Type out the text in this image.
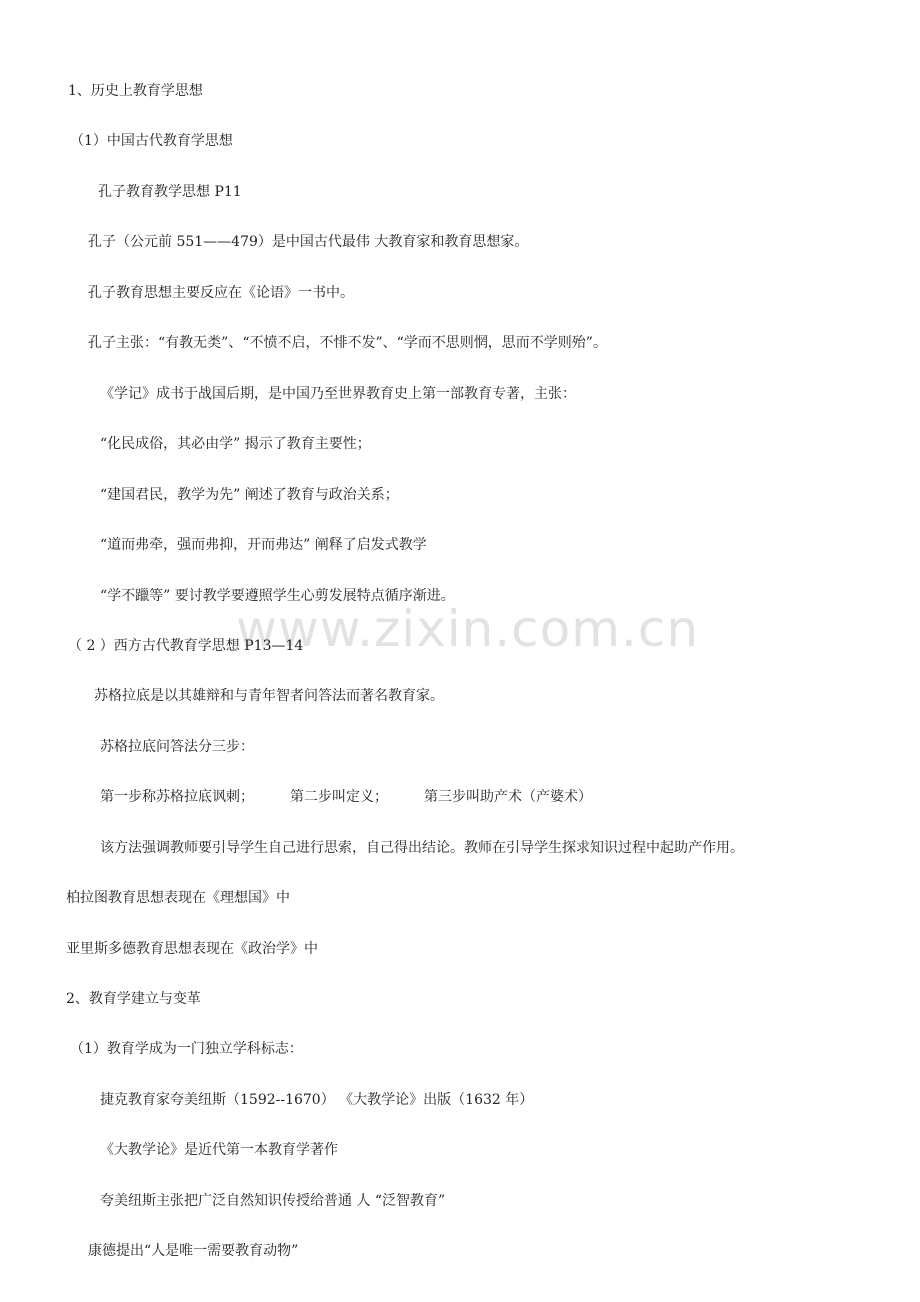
www.zixin.com.cn
1、历史上教育学思想
（1）中国古代教育学思想
孔子教育教学思想 P11
孔子（公元前 551——479）是中国古代最伟 大教育家和教育思想家。
孔子教育思想主要反应在《论语》一书中。
孔子主张：“有教无类”、“不愤不启，不悱不发”、“学而不思则惘，思而不学则殆”。
《学记》成书于战国后期，是中国乃至世界教育史上第一部教育专著，主张：
“化民成俗，其必由学” 揭示了教育主要性；
“建国君民，教学为先” 阐述了教育与政治关系；
“道而弗牵，强而弗抑，开而弗达” 阐释了启发式教学
“学不躐等” 要讨教学要遵照学生心剪发展特点循序渐进。
（ 2 ）西方古代教育学思想 P13—14
苏格拉底是以其雄辩和与青年智者问答法而著名教育家。
苏格拉底问答法分三步：
第一步称苏格拉底讽刺；	第二步叫定义；	第三步叫助产术（产婆术）
该方法强调教师要引导学生自己进行思索，自己得出结论。教师在引导学生探求知识过程中起助产作用。
柏拉图教育思想表现在《理想国》中
亚里斯多德教育思想表现在《政治学》中
2、教育学建立与变革
（1）教育学成为一门独立学科标志：
捷克教育家夸美纽斯（1592--1670） 《大教学论》出版（1632 年）
《大教学论》是近代第一本教育学著作
夸美纽斯主张把广泛自然知识传授给普通 人 “泛智教育”
康德提出“人是唯一需要教育动物”
